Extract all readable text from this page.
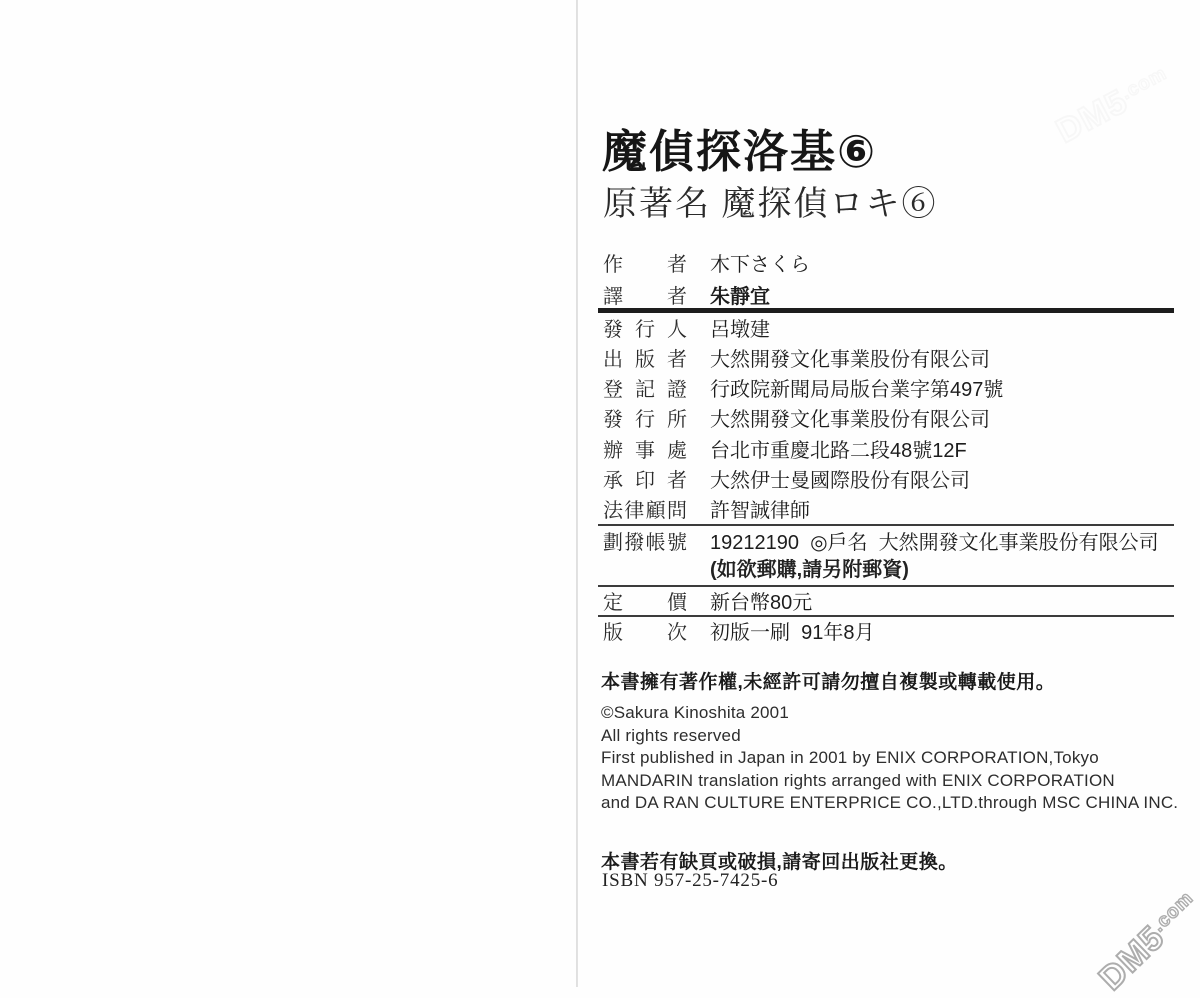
魔偵探洛基⑥
原著名 魔探偵ロキ⑥
作 者 木下さくら
譯 者 朱靜宜
發 行 人 呂墩建
出 版 者 大然開發文化事業股份有限公司
登 記 證 行政院新聞局局版台業字第497號
發 行 所 大然開發文化事業股份有限公司
辦 事 處 台北市重慶北路二段48號12F
承 印 者 大然伊士曼國際股份有限公司
法 律 顧 問 許智誠律師
劃 撥 帳 號 19212190  ◎戶名  大然開發文化事業股份有限公司
(如欲郵購,請另附郵資)
定 價 新台幣80元
版 次 初版一刷  91年8月
本書擁有著作權,未經許可請勿擅自複製或轉載使用。
©Sakura Kinoshita 2001
All rights reserved
First published in Japan in 2001 by ENIX CORPORATION,Tokyo
MANDARIN translation rights arranged with ENIX CORPORATION
and DA RAN CULTURE ENTERPRICE CO.,LTD.through MSC CHINA INC.
本書若有缺頁或破損,請寄回出版社更換。
ISBN 957-25-7425-6
DM5.com
DM5.com
